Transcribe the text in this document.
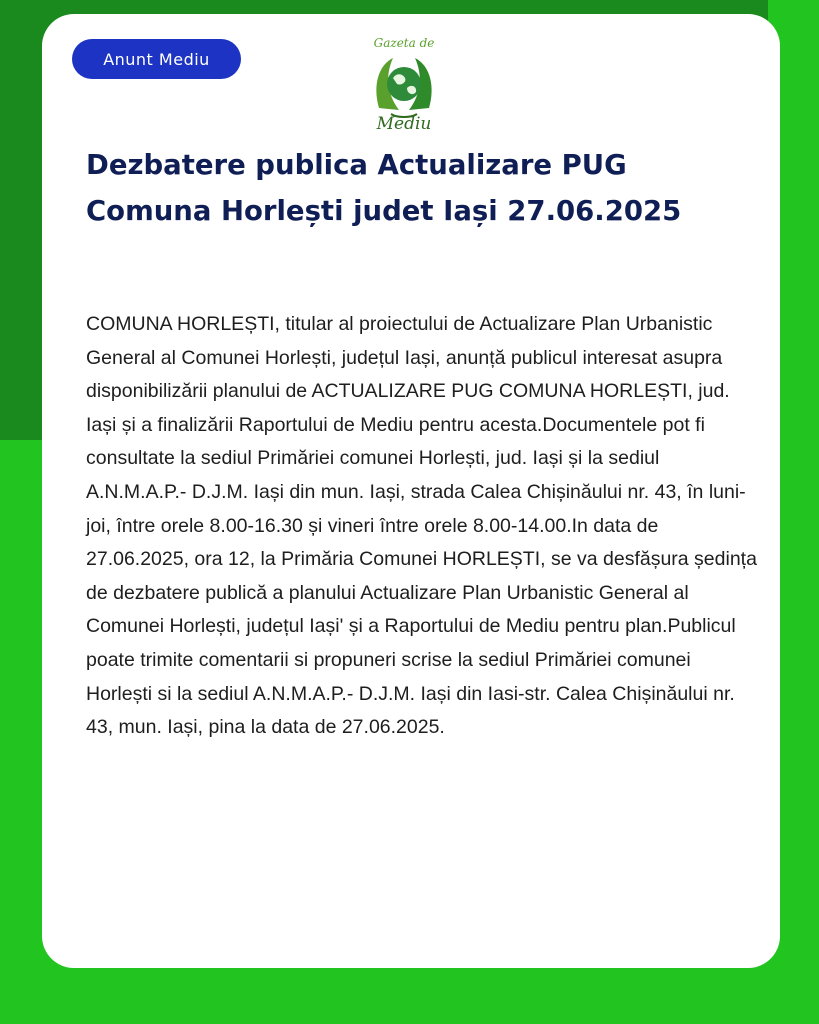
Anunt Mediu
Gazeta de
Mediu
Dezbatere publica Actualizare PUG Comuna Horlești judet Iași 27.06.2025

COMUNA HORLEȘTI, titular al proiectului de Actualizare Plan Urbanistic General al Comunei Horlești, județul Iași, anunță publicul interesat asupra disponibilizării planului de ACTUALIZARE PUG COMUNA HORLEȘTI, jud. Iași și a finalizării Raportului de Mediu pentru acesta.Documentele pot fi consultate la sediul Primăriei comunei Horlești, jud. Iași și la sediul A.N.M.A.P.- D.J.M. Iași din mun. Iași, strada Calea Chișinăului nr. 43, în luni- joi, între orele 8.00-16.30 și vineri între orele 8.00-14.00.In data de 27.06.2025, ora 12, la Primăria Comunei HORLEȘTI, se va desfășura ședința de dezbatere publică a planului Actualizare Plan Urbanistic General al Comunei Horlești, județul Iași' și a Raportului de Mediu pentru plan.Publicul poate trimite comentarii si propuneri scrise la sediul Primăriei comunei Horlești si la sediul A.N.M.A.P.- D.J.M. Iași din Iasi-str. Calea Chișinăului nr. 43, mun. Iași, pina la data de 27.06.2025.
